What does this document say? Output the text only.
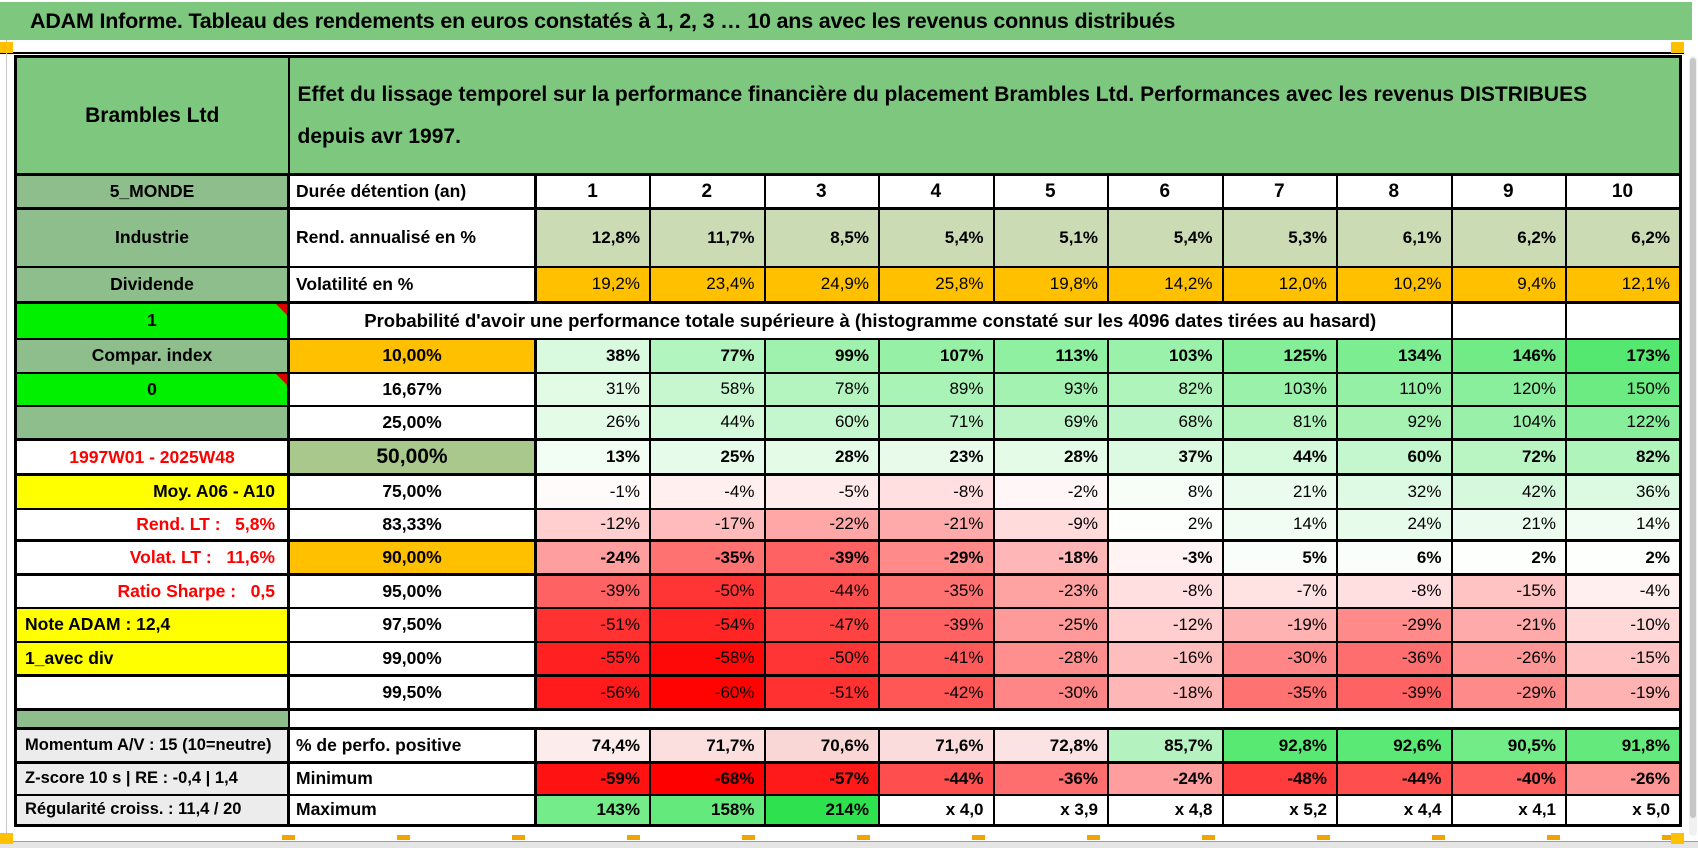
ADAM Informe. Tableau des rendements en euros constatés à 1, 2, 3 … 10 ans avec les revenus connus distribués
Brambles Ltd	Effet du lissage temporel sur la performance financière du placement Brambles Ltd. Performances avec les revenus DISTRIBUES depuis avr 1997.										
5_MONDE	Durée détention (an)	1	2	3	4	5	6	7	8	9	10
Industrie	Rend. annualisé en %	12,8%	11,7%	8,5%	5,4%	5,1%	5,4%	5,3%	6,1%	6,2%	6,2%
Dividende	Volatilité en %	19,2%	23,4%	24,9%	25,8%	19,8%	14,2%	12,0%	10,2%	9,4%	12,1%
1	Probabilité d'avoir une performance totale supérieure à (histogramme constaté sur les 4096 dates tirées au hasard)										
Compar. index	10,00%	38%	77%	99%	107%	113%	103%	125%	134%	146%	173%
0	16,67%	31%	58%	78%	89%	93%	82%	103%	110%	120%	150%
	25,00%	26%	44%	60%	71%	69%	68%	81%	92%	104%	122%
1997W01 - 2025W48	50,00%	13%	25%	28%	23%	28%	37%	44%	60%	72%	82%
Moy. A06 - A10	75,00%	-1%	-4%	-5%	-8%	-2%	8%	21%	32%	42%	36%
Rend. LT :   5,8%	83,33%	-12%	-17%	-22%	-21%	-9%	2%	14%	24%	21%	14%
Volat. LT :   11,6%	90,00%	-24%	-35%	-39%	-29%	-18%	-3%	5%	6%	2%	2%
Ratio Sharpe :   0,5	95,00%	-39%	-50%	-44%	-35%	-23%	-8%	-7%	-8%	-15%	-4%
Note ADAM : 12,4	97,50%	-51%	-54%	-47%	-39%	-25%	-12%	-19%	-29%	-21%	-10%
1_avec div	99,00%	-55%	-58%	-50%	-41%	-28%	-16%	-30%	-36%	-26%	-15%
	99,50%	-56%	-60%	-51%	-42%	-30%	-18%	-35%	-39%	-29%	-19%

Momentum A/V : 15 (10=neutre)	% de perfo. positive	74,4%	71,7%	70,6%	71,6%	72,8%	85,7%	92,8%	92,6%	90,5%	91,8%
Z-score 10 s | RE : -0,4 | 1,4	Minimum	-59%	-68%	-57%	-44%	-36%	-24%	-48%	-44%	-40%	-26%
Régularité croiss. : 11,4 / 20	Maximum	143%	158%	214%	x 4,0	x 3,9	x 4,8	x 5,2	x 4,4	x 4,1	x 5,0
